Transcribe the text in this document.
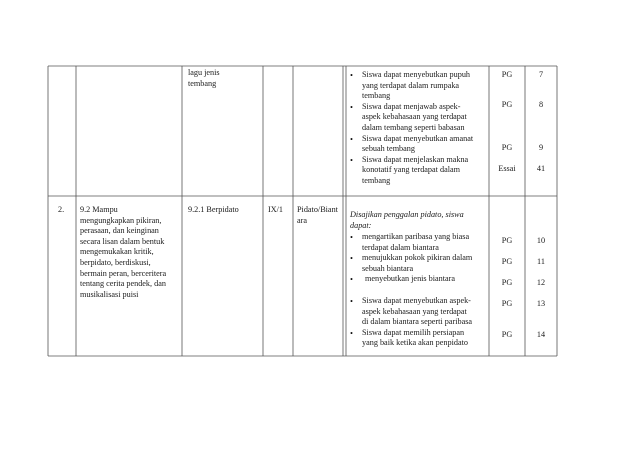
lagu jenis
tembang
• Siswa dapat menyebutkan pupuh
yang terdapat dalam rumpaka
tembang
• Siswa dapat menjawab aspek-
aspek kebahasaan yang terdapat
dalam tembang seperti babasan
• Siswa dapat menyebutkan amanat
sebuah tembang
• Siswa dapat menjelaskan makna
konotatif yang terdapat dalam
tembang
PG
PG
PG
Essai
7
8
9
41
2. 9.2 Mampu
mengungkapkan pikiran,
perasaan, dan keinginan
secara lisan dalam bentuk
mengemukakan kritik,
berpidato, berdiskusi,
bermain peran, berceritera
tentang cerita pendek, dan
musikalisasi puisi
9.2.1 Berpidato	IX/1 Pidato/Biant
ara
Disajikan penggalan pidato, siswa
dapat:
• mengartikan paribasa yang biasa
terdapat dalam biantara
• menujukkan pokok pikiran dalam
sebuah biantara
• menyebutkan jenis biantara
• Siswa dapat menyebutkan aspek-
aspek kebahasaan yang terdapat
di dalam biantara seperti paribasa
• Siswa dapat memilih persiapan
yang baik ketika akan penpidato
PG
PG
PG
PG
PG
10
11
12
13
14
